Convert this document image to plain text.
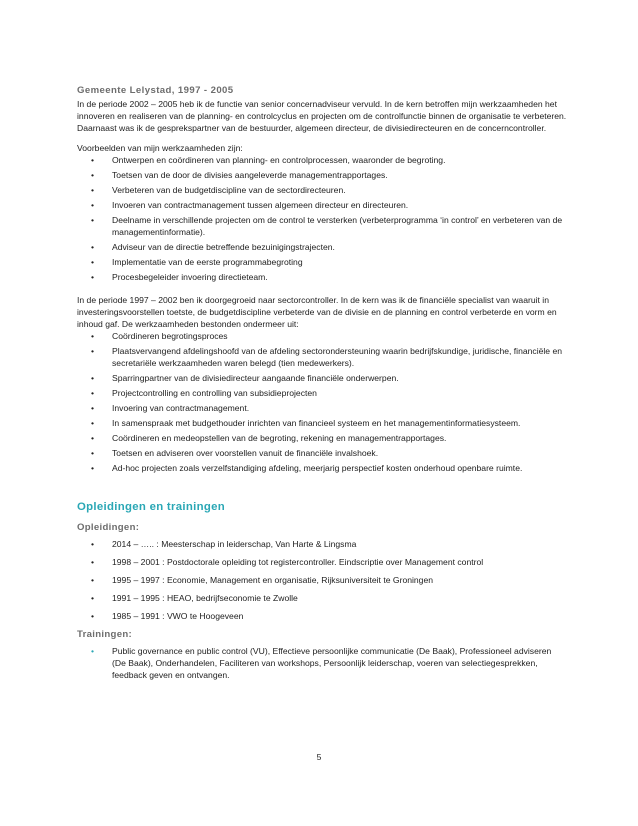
Gemeente Lelystad, 1997 - 2005

In de periode 2002 – 2005 heb ik de functie van senior concernadviseur vervuld. In de kern betroffen mijn werkzaamheden het innoveren en realiseren van de planning- en controlcyclus en projecten om de controlfunctie binnen de organisatie te verbeteren. Daarnaast was ik de gesprekspartner van de bestuurder, algemeen directeur, de divisiedirecteuren en de concerncontroller.

Voorbeelden van mijn werkzaamheden zijn:

• Ontwerpen en coördineren van planning- en controlprocessen, waaronder de begroting.
• Toetsen van de door de divisies aangeleverde managementrapportages.
• Verbeteren van de budgetdiscipline van de sectordirecteuren.
• Invoeren van contractmanagement tussen algemeen directeur en directeuren.
• Deelname in verschillende projecten om de control te versterken (verbeterprogramma ‘in control’ en verbeteren van de managementinformatie).
• Adviseur van de directie betreffende bezuinigingstrajecten.
• Implementatie van de eerste programmabegroting
• Procesbegeleider invoering directieteam.

In de periode 1997 – 2002 ben ik doorgegroeid naar sectorcontroller. In de kern was ik de financiële specialist van waaruit in investeringsvoorstellen toetste, de budgetdiscipline verbeterde van de divisie en de planning en control verbeterde en vorm en inhoud gaf. De werkzaamheden bestonden ondermeer uit:

• Coördineren begrotingsproces
• Plaatsvervangend afdelingshoofd van de afdeling sectorondersteuning waarin bedrijfskundige, juridische, financiële en secretariële werkzaamheden waren belegd (tien medewerkers).
• Sparringpartner van de divisiedirecteur aangaande financiële onderwerpen.
• Projectcontrolling en controlling van subsidieprojecten
• Invoering van contractmanagement.
• In samenspraak met budgethouder inrichten van financieel systeem en het managementinformatiesysteem.
• Coördineren en medeopstellen van de begroting, rekening en managementrapportages.
• Toetsen en adviseren over voorstellen vanuit de financiële invalshoek.
• Ad-hoc projecten zoals verzelfstandiging afdeling, meerjarig perspectief kosten onderhoud openbare ruimte.
Opleidingen en trainingen
Opleidingen:
• 2014 – ….. : Meesterschap in leiderschap, Van Harte & Lingsma
• 1998 – 2001 : Postdoctorale opleiding tot registercontroller. Eindscriptie over Management control
• 1995 – 1997 : Economie, Management en organisatie, Rijksuniversiteit te Groningen
• 1991 – 1995 : HEAO, bedrijfseconomie te Zwolle
• 1985 – 1991 : VWO te Hoogeveen
Trainingen:
• Public governance en public control (VU), Effectieve persoonlijke communicatie (De Baak), Professioneel adviseren (De Baak), Onderhandelen, Faciliteren van workshops, Persoonlijk leiderschap, voeren van selectiegesprekken, feedback geven en ontvangen.
5
